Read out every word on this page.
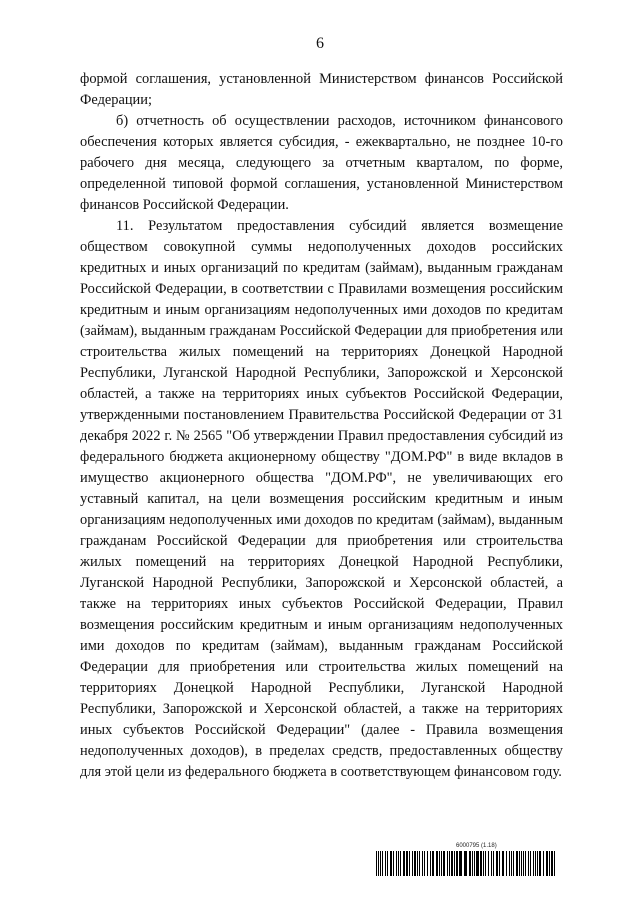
6

формой соглашения, установленной Министерством финансов Российской Федерации;

б) отчетность об осуществлении расходов, источником финансового обеспечения которых является субсидия, - ежеквартально, не позднее 10-го рабочего дня месяца, следующего за отчетным кварталом, по форме, определенной типовой формой соглашения, установленной Министерством финансов Российской Федерации.

11. Результатом предоставления субсидий является возмещение обществом совокупной суммы недополученных доходов российских кредитных и иных организаций по кредитам (займам), выданным гражданам Российской Федерации, в соответствии с Правилами возмещения российским кредитным и иным организациям недополученных ими доходов по кредитам (займам), выданным гражданам Российской Федерации для приобретения или строительства жилых помещений на территориях Донецкой Народной Республики, Луганской Народной Республики, Запорожской и Херсонской областей, а также на территориях иных субъектов Российской Федерации, утвержденными постановлением Правительства Российской Федерации от 31 декабря 2022 г. № 2565 "Об утверждении Правил предоставления субсидий из федерального бюджета акционерному обществу "ДОМ.РФ" в виде вкладов в имущество акционерного общества "ДОМ.РФ", не увеличивающих его уставный капитал, на цели возмещения российским кредитным и иным организациям недополученных ими доходов по кредитам (займам), выданным гражданам Российской Федерации для приобретения или строительства жилых помещений на территориях Донецкой Народной Республики, Луганской Народной Республики, Запорожской и Херсонской областей, а также на территориях иных субъектов Российской Федерации, Правил возмещения российским кредитным и иным организациям недополученных ими доходов по кредитам (займам), выданным гражданам Российской Федерации для приобретения или строительства жилых помещений на территориях Донецкой Народной Республики, Луганской Народной Республики, Запорожской и Херсонской областей, а также на территориях иных субъектов Российской Федерации" (далее - Правила возмещения недополученных доходов), в пределах средств, предоставленных обществу для этой цели из федерального бюджета в соответствующем финансовом году.

6000795 (1.18)
